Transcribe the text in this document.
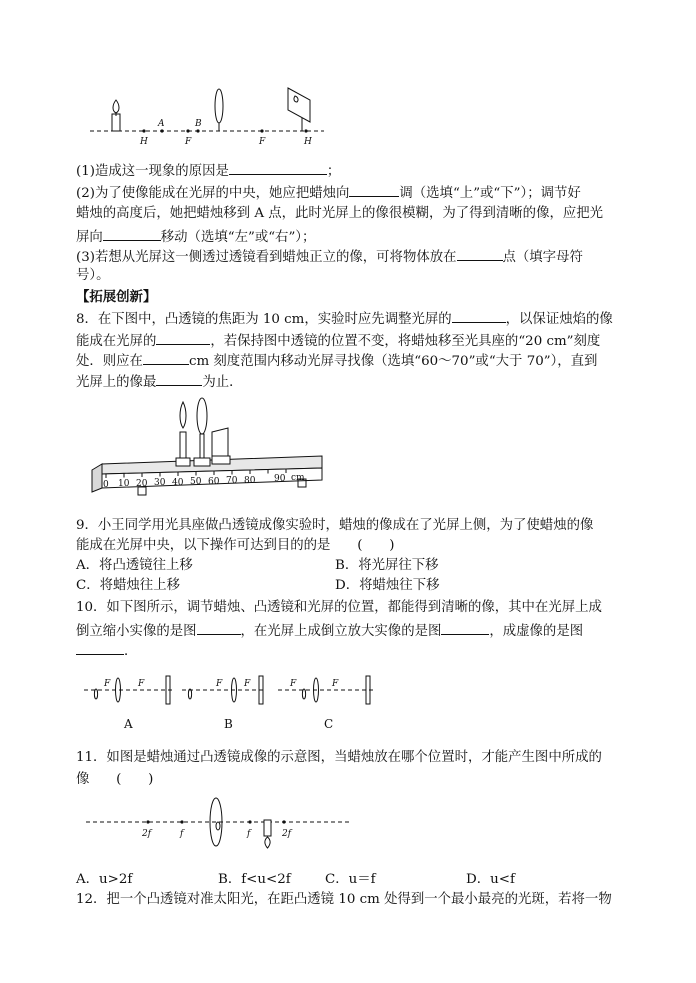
H
A
F
B
F	H
(1)造成这一现象的原因是	；
(2)为了使像能成在光屏的中央，她应把蜡烛向	调（选填“上”或“下”）；调节好
蜡烛的高度后，她把蜡烛移到 A 点，此时光屏上的像很模糊，为了得到清晰的像，应把光
屏向	移动（选填“左”或“右”）；
(3)若想从光屏这一侧透过透镜看到蜡烛正立的像，可将物体放在	点（填字母符
号）。
【拓展创新】
8．在下图中，凸透镜的焦距为 10 cm，实验时应先调整光屏的	，以保证烛焰的像
能成在光屏的	，若保持图中透镜的位置不变，将蜡烛移至光具座的“20 cm”刻度
处．则应在	cm 刻度范围内移动光屏寻找像（选填“60～70”或“大于 70”），直到
光屏上的像最	为止．
0 10 20 30 40 50 60 70 80 90 cm
9．小王同学用光具座做凸透镜成像实验时，蜡烛的像成在了光屏上侧，为了使蜡烛的像
能成在光屏中央，以下操作可达到目的的是　　(　　)
A．将凸透镜往上移	B．将光屏往下移
C．将蜡烛往上移	D．将蜡烛往下移
10．如下图所示，调节蜡烛、凸透镜和光屏的位置，都能得到清晰的像，其中在光屏上成
倒立缩小实像的是图	，在光屏上成倒立放大实像的是图	，成虚像的是图
．
F	F
A
F F
B
F	F
C
11．如图是蜡烛通过凸透镜成像的示意图，当蜡烛放在哪个位置时，才能产生图中所成的
像　　(　　)
2f	f	f	2f
A．u>2f	B．f<u<2f	C．u＝f	D．u<f
12．把一个凸透镜对准太阳光，在距凸透镜 10 cm 处得到一个最小最亮的光斑，若将一物
